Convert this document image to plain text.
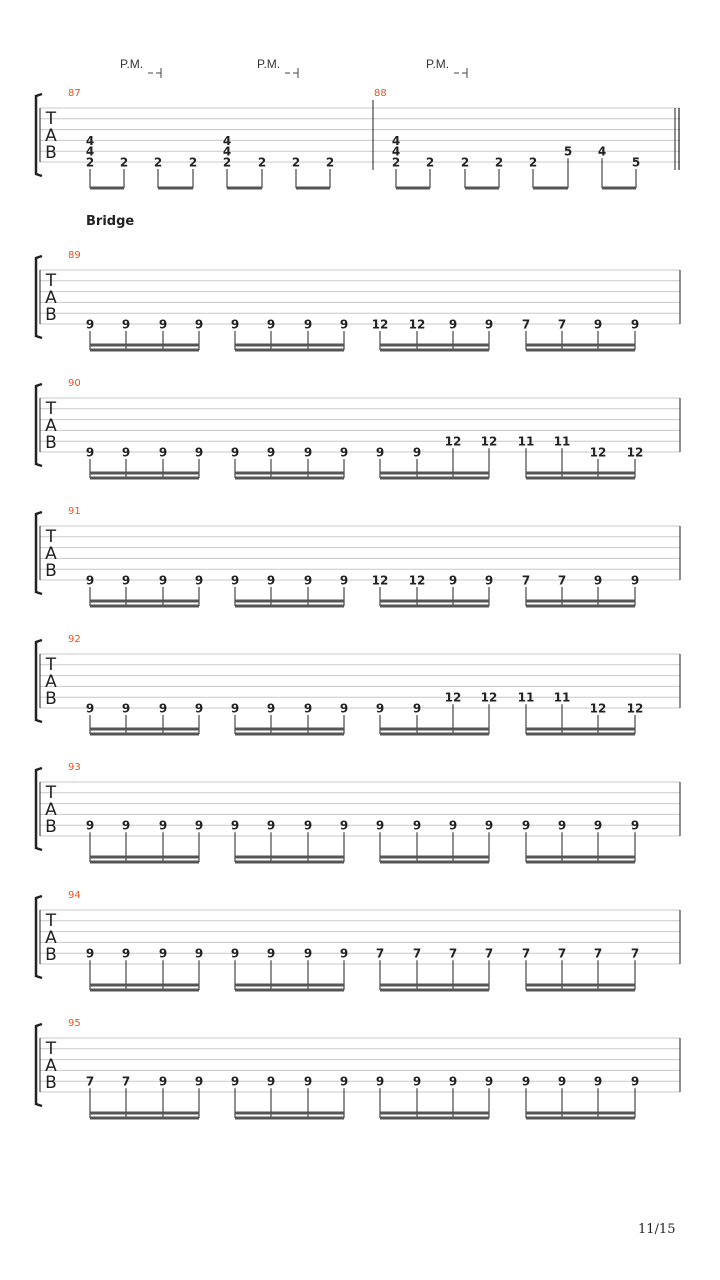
Bridge
T
A
B
87
4
4
2 2 2 2
4
4
2 2 2 2
P.M.	P.M.
88
4
4
2 2 2 2 2
5 4
5
P.M.
T
A
B
89
9 9 9 9 9 9 9 9 12 12 9 9 7 7 9 9
T
A
B
90
9 9 9 9 9 9 9 9 9 9
12 12 11 11
12 12
T
A
B
91
9 9 9 9 9 9 9 9 12 12 9 9 7 7 9 9
T
A
B
92
9 9 9 9 9 9 9 9 9 9
12 12 11 11
12 12
T
A
B
93
9 9 9 9 9 9 9 9 9 9 9 9 9 9 9 9
T
A
B
94
9 9 9 9 9 9 9 9 7 7 7 7 7 7 7 7
T
A
B
95
7 7 9 9 9 9 9 9 9 9 9 9 9 9 9 9
11/15
